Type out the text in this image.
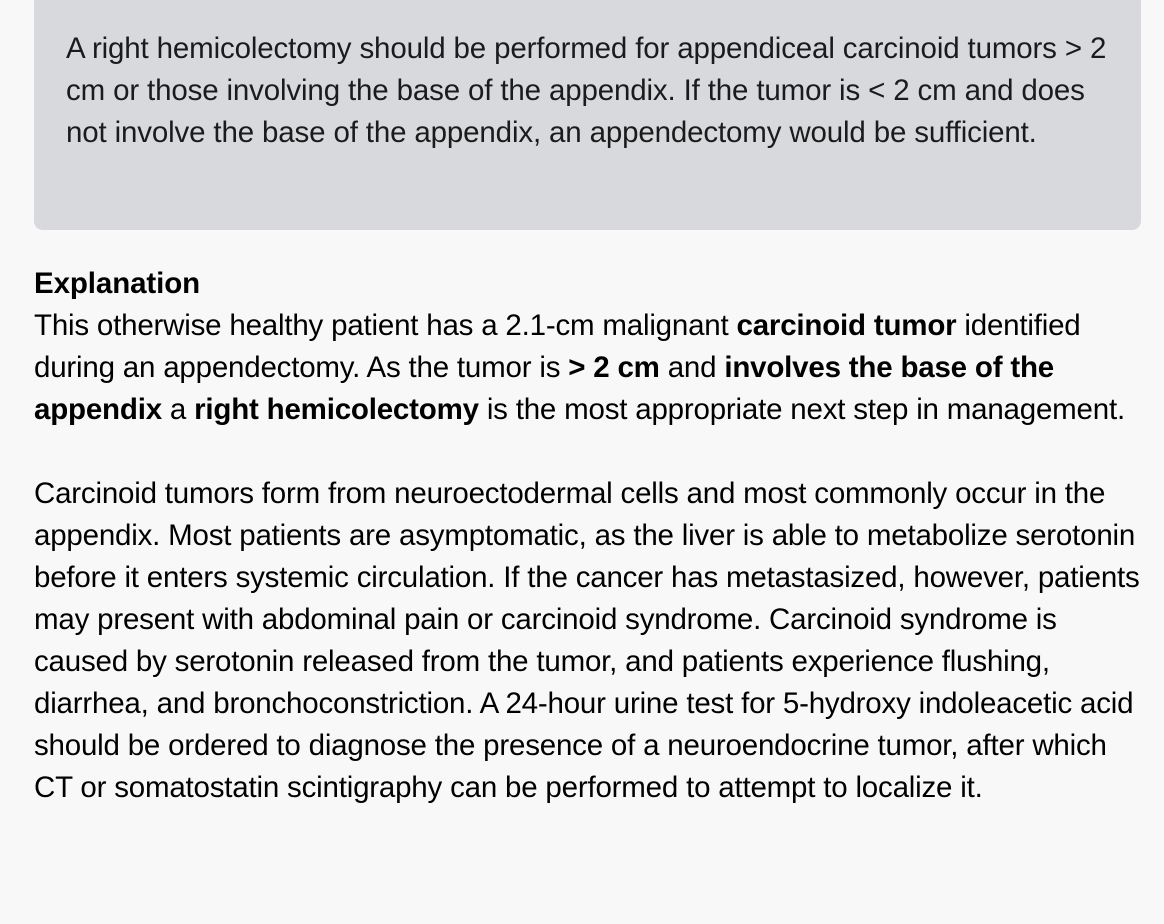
A right hemicolectomy should be performed for appendiceal carcinoid tumors > 2 cm or those involving the base of the appendix. If the tumor is < 2 cm and does not involve the base of the appendix, an appendectomy would be sufficient.

Explanation

This otherwise healthy patient has a 2.1-cm malignant carcinoid tumor identified during an appendectomy. As the tumor is > 2 cm and involves the base of the appendix a right hemicolectomy is the most appropriate next step in management.

Carcinoid tumors form from neuroectodermal cells and most commonly occur in the appendix. Most patients are asymptomatic, as the liver is able to metabolize serotonin before it enters systemic circulation. If the cancer has metastasized, however, patients may present with abdominal pain or carcinoid syndrome. Carcinoid syndrome is caused by serotonin released from the tumor, and patients experience flushing, diarrhea, and bronchoconstriction. A 24-hour urine test for 5-hydroxy indoleacetic acid should be ordered to diagnose the presence of a neuroendocrine tumor, after which CT or somatostatin scintigraphy can be performed to attempt to localize it.
